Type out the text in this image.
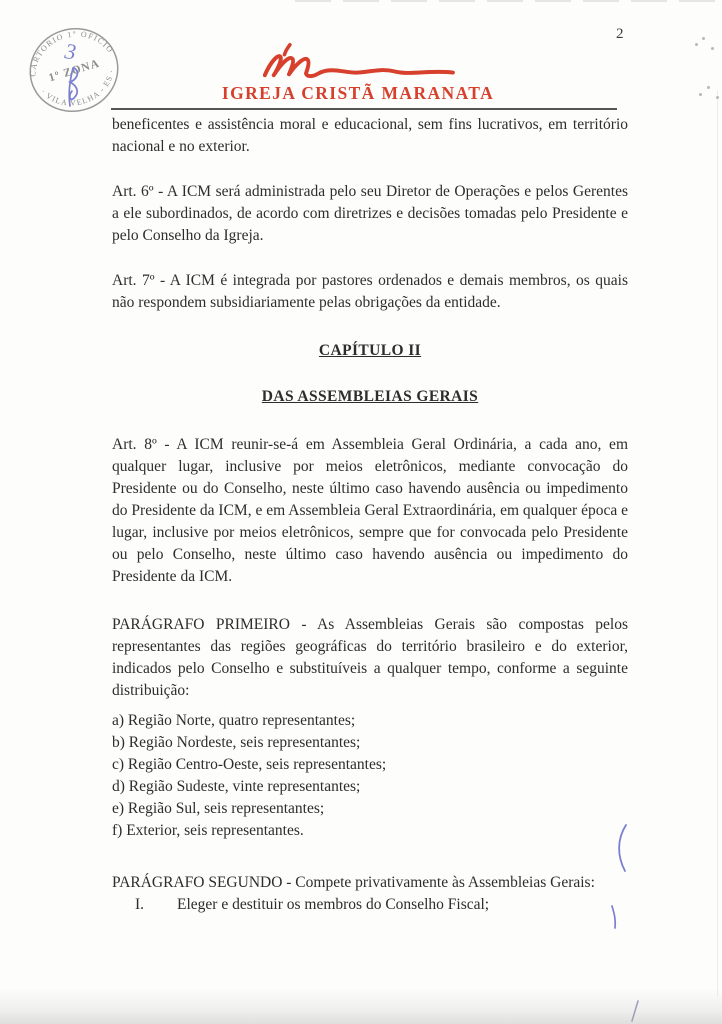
CARTORIO 1º OFICIO
· VILA VELHA - ES ·
1º ZONA
3
2
IGREJA CRISTÃ MARANATA

beneficentes e assistência moral e educacional, sem fins lucrativos, em território nacional e no exterior.

Art. 6º - A ICM será administrada pelo seu Diretor de Operações e pelos Gerentes a ele subordinados, de acordo com diretrizes e decisões tomadas pelo Presidente e pelo Conselho da Igreja.

Art. 7º - A ICM é integrada por pastores ordenados e demais membros, os quais não respondem subsidiariamente pelas obrigações da entidade.

CAPÍTULO II
DAS ASSEMBLEIAS GERAIS

Art. 8º - A ICM reunir-se-á em Assembleia Geral Ordinária, a cada ano, em qualquer lugar, inclusive por meios eletrônicos, mediante convocação do Presidente ou do Conselho, neste último caso havendo ausência ou impedimento do Presidente da ICM, e em Assembleia Geral Extraordinária, em qualquer época e lugar, inclusive por meios eletrônicos, sempre que for convocada pelo Presidente ou pelo Conselho, neste último caso havendo ausência ou impedimento do Presidente da ICM.

PARÁGRAFO PRIMEIRO - As Assembleias Gerais são compostas pelos representantes das regiões geográficas do território brasileiro e do exterior, indicados pelo Conselho e substituíveis a qualquer tempo, conforme a seguinte distribuição:

a) Região Norte, quatro representantes;
b) Região Nordeste, seis representantes;
c) Região Centro-Oeste, seis representantes;
d) Região Sudeste, vinte representantes;
e) Região Sul, seis representantes;
f) Exterior, seis representantes.

PARÁGRAFO SEGUNDO - Compete privativamente às Assembleias Gerais:

I.	Eleger e destituir os membros do Conselho Fiscal;
